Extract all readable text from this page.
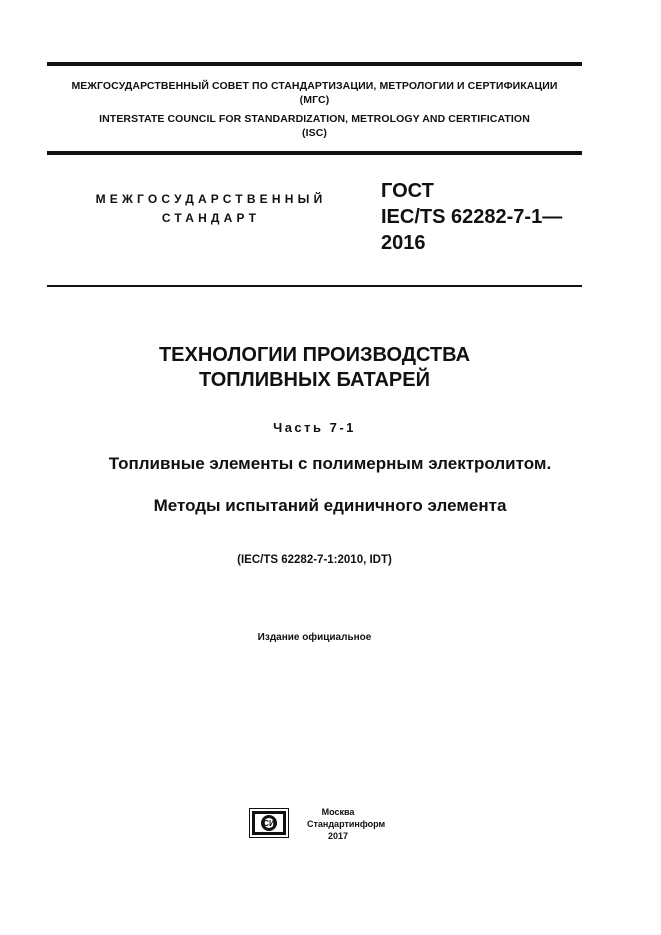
МЕЖГОСУДАРСТВЕННЫЙ СОВЕТ ПО СТАНДАРТИЗАЦИИ, МЕТРОЛОГИИ И СЕРТИФИКАЦИИ
(МГС)
INTERSTATE COUNCIL FOR STANDARDIZATION, METROLOGY AND CERTIFICATION
(ISC)
МЕЖГОСУДАРСТВЕННЫЙ
СТАНДАРТ
ГОСТ
IEC/TS 62282-7-1—
2016
ТЕХНОЛОГИИ ПРОИЗВОДСТВА
ТОПЛИВНЫХ БАТАРЕЙ
Часть 7-1
Топливные элементы с полимерным электролитом.
Методы испытаний единичного элемента
(IEC/TS 62282-7-1:2010, IDT)
Издание официальное
СИ
Москва
Стандартинформ
2017
